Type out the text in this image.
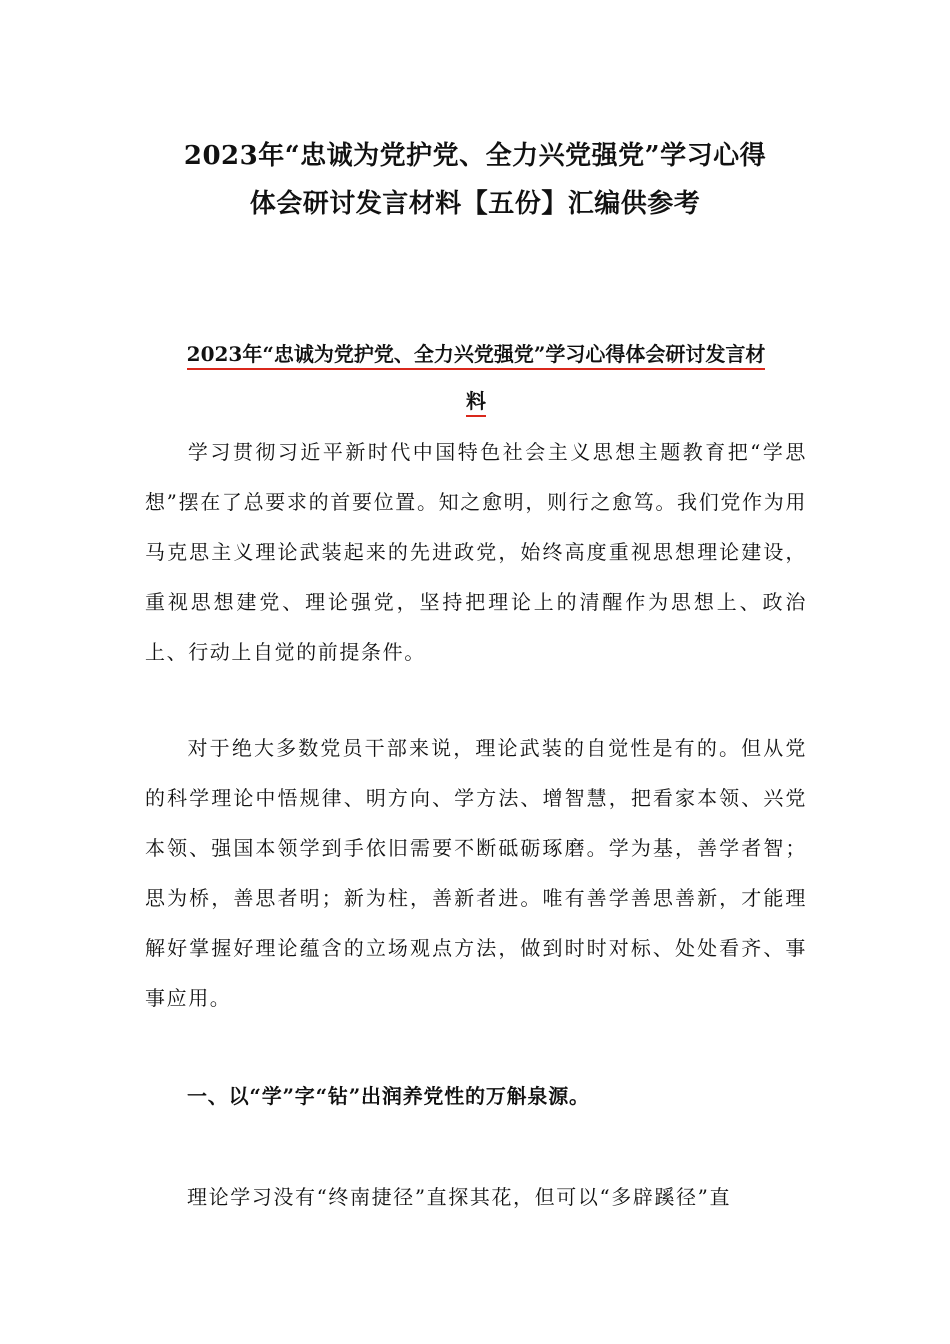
2023年“忠诚为党护党、全力兴党强党”学习心得
体会研讨发言材料【五份】汇编供参考
2023年“忠诚为党护党、全力兴党强党”学习心得体会研讨发言材
料
学习贯彻习近平新时代中国特色社会主义思想主题教育把“学思想”摆在了总要求的首要位置。知之愈明，则行之愈笃。我们党作为用马克思主义理论武装起来的先进政党，始终高度重视思想理论建设，重视思想建党、理论强党，坚持把理论上的清醒作为思想上、政治上、行动上自觉的前提条件。
对于绝大多数党员干部来说，理论武装的自觉性是有的。但从党的科学理论中悟规律、明方向、学方法、增智慧，把看家本领、兴党本领、强国本领学到手依旧需要不断砥砺琢磨。学为基，善学者智；思为桥，善思者明；新为柱，善新者进。唯有善学善思善新，才能理解好掌握好理论蕴含的立场观点方法，做到时时对标、处处看齐、事事应用。
一、以“学”字“钻”出润养党性的万斛泉源。
理论学习没有“终南捷径”直探其花，但可以“多辟蹊径”直
